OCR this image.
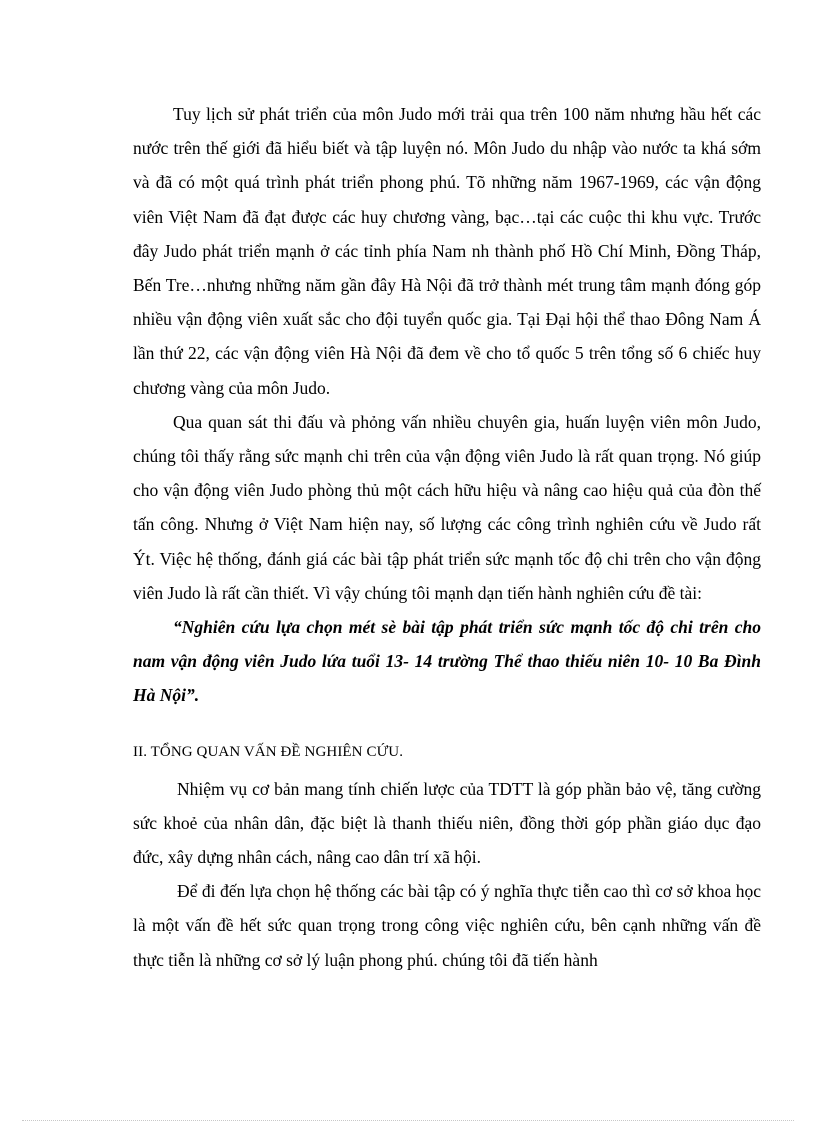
Tuy lịch sử phát triển của môn Judo mới trải qua trên 100 năm nhưng hầu hết các nước trên thế giới đã hiểu biết và tập luyện nó. Môn Judo du nhập vào nước ta khá sớm và đã có một quá trình phát triển phong phú. Tõ những năm 1967-1969, các vận động viên Việt Nam đã đạt được các huy chương vàng, bạc…tại các cuộc thi khu vực. Trước đây Judo phát triển mạnh ở các tỉnh phía Nam nh thành phố Hồ Chí Minh, Đồng Tháp, Bến Tre…nhưng những năm gần đây Hà Nội đã trở thành mét trung tâm mạnh đóng góp nhiều vận động viên xuất sắc cho đội tuyển quốc gia. Tại Đại hội thể thao Đông Nam Á lần thứ 22, các vận động viên Hà Nội đã đem về cho tổ quốc 5 trên tổng số 6 chiếc huy chương vàng của môn Judo.

Qua quan sát thi đấu và phỏng vấn nhiều chuyên gia, huấn luyện viên môn Judo, chúng tôi thấy rằng sức mạnh chi trên của vận động viên Judo là rất quan trọng. Nó giúp cho vận động viên Judo phòng thủ một cách hữu hiệu và nâng cao hiệu quả của đòn thế tấn công. Nhưng ở Việt Nam hiện nay, số lượng các công trình nghiên cứu về Judo rất Ýt. Việc hệ thống, đánh giá các bài tập phát triển sức mạnh tốc độ chi trên cho vận động viên Judo là rất cần thiết. Vì vậy chúng tôi mạnh dạn tiến hành nghiên cứu đề tài:

“Nghiên cứu lựa chọn mét sè bài tập phát triển sức mạnh tốc độ chi trên cho nam vận động viên Judo lứa tuổi 13- 14 trường Thể thao thiếu niên 10- 10 Ba Đình Hà Nội”.

II. TỔNG QUAN VẤN ĐỀ NGHIÊN CỨU.

Nhiệm vụ cơ bản mang tính chiến lược của TDTT là góp phần bảo vệ, tăng cường sức khoẻ của nhân dân, đặc biệt là thanh thiếu niên, đồng thời góp phần giáo dục đạo đức, xây dựng nhân cách, nâng cao dân trí xã hội.

Để đi đến lựa chọn hệ thống các bài tập có ý nghĩa thực tiễn cao thì cơ sở khoa học là một vấn đề hết sức quan trọng trong công việc nghiên cứu, bên cạnh những vấn đề thực tiễn là những cơ sở lý luận phong phú. chúng tôi đã tiến hành
